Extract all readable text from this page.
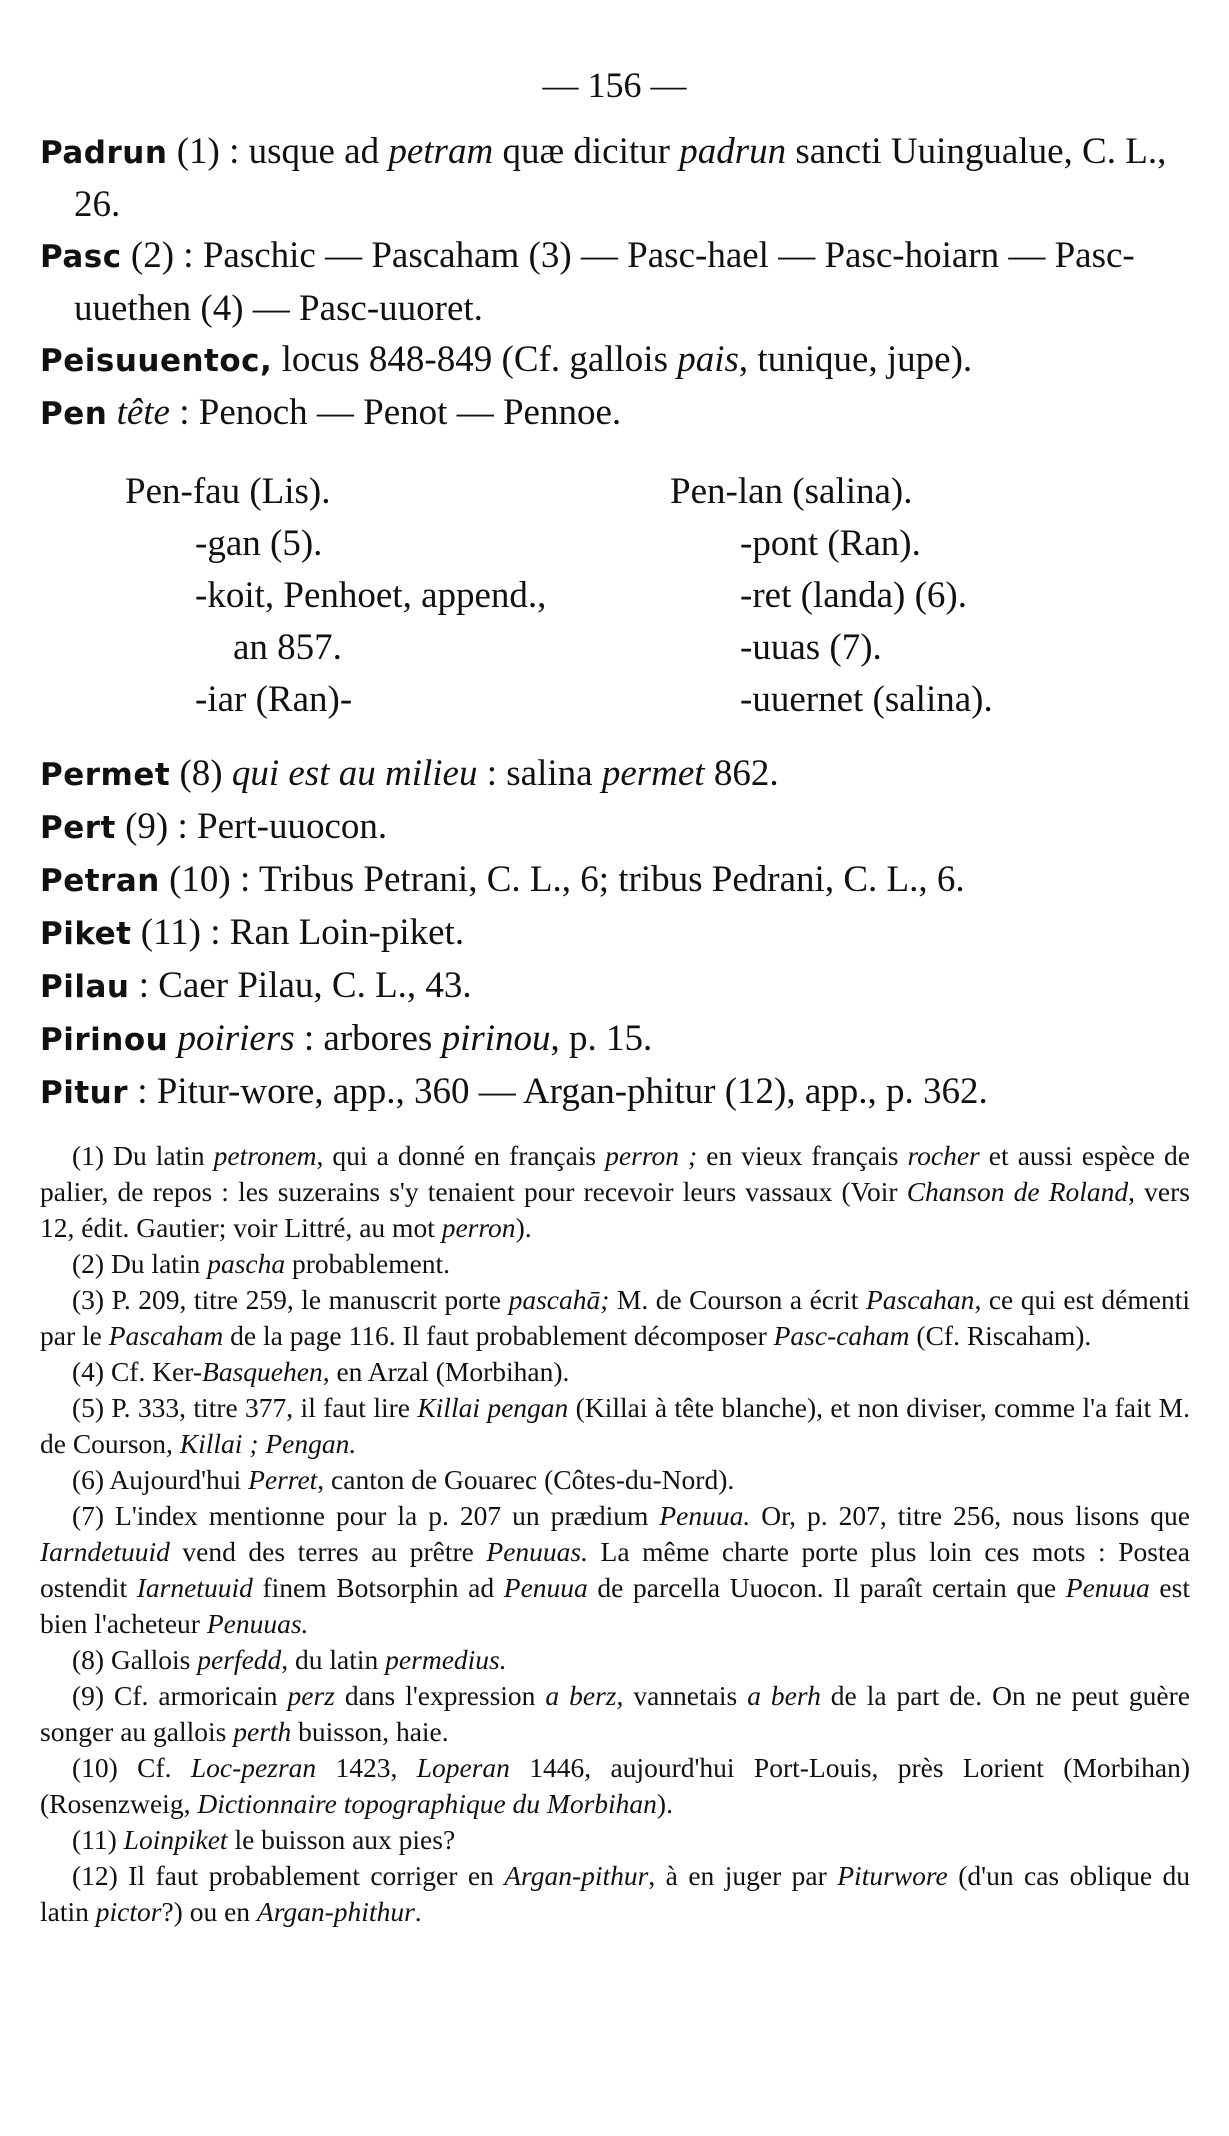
— 156 —

Padrun (1) : usque ad petram quæ dicitur padrun sancti Uuingualue, C. L., 26.

Pasc (2) : Paschic — Pascaham (3) — Pasc-hael — Pasc-hoiarn — Pasc-uuethen (4) — Pasc-uuoret.

Peisuuentoc, locus 848-849 (Cf. gallois pais, tunique, jupe).

Pen tête : Penoch — Penot — Pennoe.

Pen-fau (Lis).
-gan (5).
-koit, Penhoet, append.,
an 857.
-iar (Ran)-
Pen-lan (salina).
-pont (Ran).
-ret (landa) (6).
-uuas (7).
-uuernet (salina).

Permet (8) qui est au milieu : salina permet 862.

Pert (9) : Pert-uuocon.

Petran (10) : Tribus Petrani, C. L., 6; tribus Pedrani, C. L., 6.

Piket (11) : Ran Loin-piket.

Pilau : Caer Pilau, C. L., 43.

Pirinou poiriers : arbores pirinou, p. 15.

Pitur : Pitur-wore, app., 360 — Argan-phitur (12), app., p. 362.

(1) Du latin petronem, qui a donné en français perron ; en vieux français rocher et aussi espèce de palier, de repos : les suzerains s'y tenaient pour recevoir leurs vassaux (Voir Chanson de Roland, vers 12, édit. Gautier; voir Littré, au mot perron).

(2) Du latin pascha probablement.

(3) P. 209, titre 259, le manuscrit porte pascahā; M. de Courson a écrit Pascahan, ce qui est démenti par le Pascaham de la page 116. Il faut probablement décomposer Pasc-caham (Cf. Riscaham).

(4) Cf. Ker-Basquehen, en Arzal (Morbihan).

(5) P. 333, titre 377, il faut lire Killai pengan (Killai à tête blanche), et non diviser, comme l'a fait M. de Courson, Killai ; Pengan.

(6) Aujourd'hui Perret, canton de Gouarec (Côtes-du-Nord).

(7) L'index mentionne pour la p. 207 un prædium Penuua. Or, p. 207, titre 256, nous lisons que Iarndetuuid vend des terres au prêtre Penuuas. La même charte porte plus loin ces mots : Postea ostendit Iarnetuuid finem Botsorphin ad Penuua de parcella Uuocon. Il paraît certain que Penuua est bien l'acheteur Penuuas.

(8) Gallois perfedd, du latin permedius.

(9) Cf. armoricain perz dans l'expression a berz, vannetais a berh de la part de. On ne peut guère songer au gallois perth buisson, haie.

(10) Cf. Loc-pezran 1423, Loperan 1446, aujourd'hui Port-Louis, près Lorient (Morbihan) (Rosenzweig, Dictionnaire topographique du Morbihan).

(11) Loinpiket le buisson aux pies?

(12) Il faut probablement corriger en Argan-pithur, à en juger par Piturwore (d'un cas oblique du latin pictor?) ou en Argan-phithur.
